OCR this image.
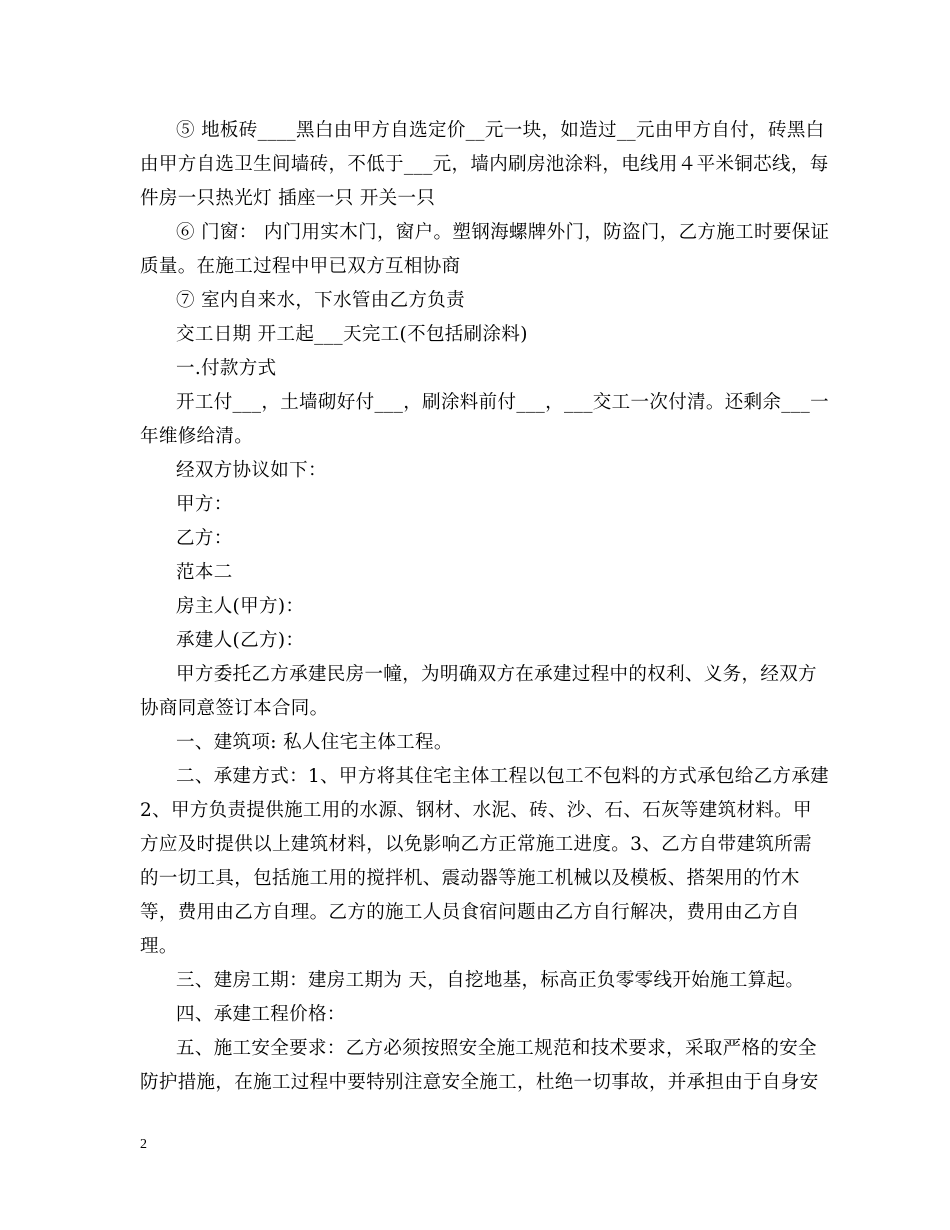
⑤ 地板砖____黑白由甲方自选定价__元一块，如造过__元由甲方自付，砖黑白由甲方自选卫生间墙砖，不低于___元，墙内刷房池涂料，电线用４平米铜芯线，每件房一只热光灯 插座一只 开关一只

⑥ 门窗： 内门用实木门，窗户。塑钢海螺牌外门，防盗门，乙方施工时要保证质量。在施工过程中甲已双方互相协商

⑦ 室内自来水，下水管由乙方负责

交工日期 开工起___天完工(不包括刷涂料)

一.付款方式

开工付___，土墙砌好付___，刷涂料前付___，___交工一次付清。还剩余___一年维修给清。

经双方协议如下：

甲方：

乙方：

范本二

房主人(甲方)：

承建人(乙方)：

甲方委托乙方承建民房一幢，为明确双方在承建过程中的权利、义务，经双方协商同意签订本合同。

一、建筑项: 私人住宅主体工程。

二、承建方式：1、甲方将其住宅主体工程以包工不包料的方式承包给乙方承建 2、甲方负责提供施工用的水源、钢材、水泥、砖、沙、石、石灰等建筑材料。甲方应及时提供以上建筑材料，以免影响乙方正常施工进度。3、乙方自带建筑所需的一切工具，包括施工用的搅拌机、震动器等施工机械以及模板、搭架用的竹木等，费用由乙方自理。乙方的施工人员食宿问题由乙方自行解决，费用由乙方自理。

三、建房工期：建房工期为 天，自挖地基，标高正负零零线开始施工算起。

四、承建工程价格：

五、施工安全要求：乙方必须按照安全施工规范和技术要求，采取严格的安全防护措施，在施工过程中要特别注意安全施工，杜绝一切事故，并承担由于自身安

2
